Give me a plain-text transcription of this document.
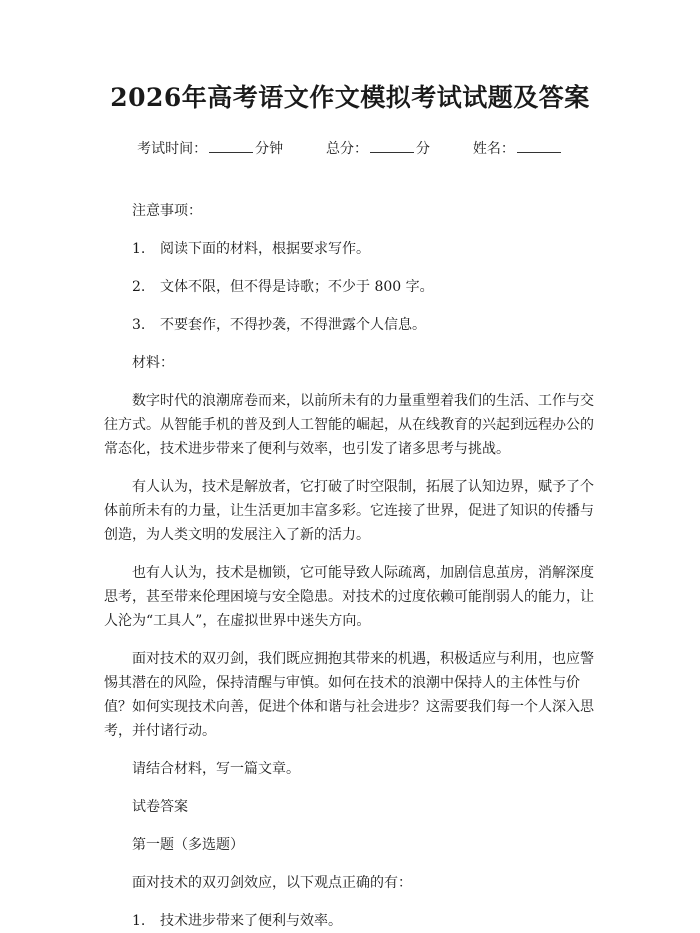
2026年高考语文作文模拟考试试题及答案
考试时间：	分钟	总分：	分	姓名：

注意事项：

1. 阅读下面的材料，根据要求写作。

2. 文体不限，但不得是诗歌；不少于 800 字。

3. 不要套作，不得抄袭，不得泄露个人信息。

材料：

数字时代的浪潮席卷而来，以前所未有的力量重塑着我们的生活、工作与交往方式。从智能手机的普及到人工智能的崛起，从在线教育的兴起到远程办公的常态化，技术进步带来了便利与效率，也引发了诸多思考与挑战。

有人认为，技术是解放者，它打破了时空限制，拓展了认知边界，赋予了个体前所未有的力量，让生活更加丰富多彩。它连接了世界，促进了知识的传播与创造，为人类文明的发展注入了新的活力。

也有人认为，技术是枷锁，它可能导致人际疏离，加剧信息茧房，消解深度思考，甚至带来伦理困境与安全隐患。对技术的过度依赖可能削弱人的能力，让人沦为“工具人”，在虚拟世界中迷失方向。

面对技术的双刃剑，我们既应拥抱其带来的机遇，积极适应与利用，也应警惕其潜在的风险，保持清醒与审慎。如何在技术的浪潮中保持人的主体性与价值？如何实现技术向善，促进个体和谐与社会进步？这需要我们每一个人深入思考，并付诸行动。

请结合材料，写一篇文章。

试卷答案

第一题（多选题）

面对技术的双刃剑效应，以下观点正确的有：

1. 技术进步带来了便利与效率。
